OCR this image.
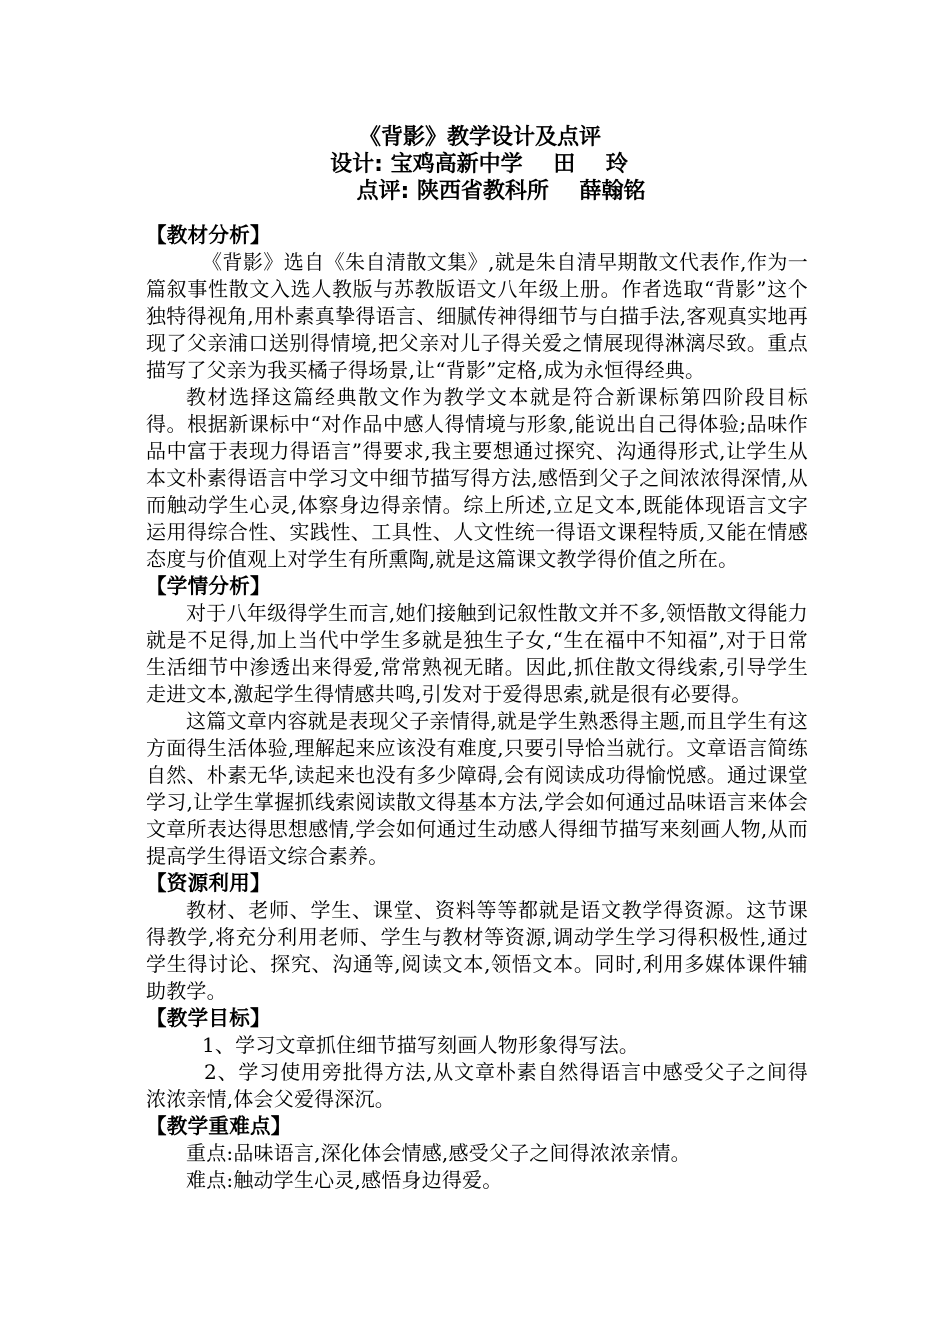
《背影》教学设计及点评
设计: 宝鸡高新中学    田    玲
点评: 陕西省教科所    薛翰铭
【教材分析】

《背影》选自《朱自清散文集》,就是朱自清早期散文代表作,作为一篇叙事性散文入选人教版与苏教版语文八年级上册。作者选取“背影”这个独特得视角,用朴素真挚得语言、细腻传神得细节与白描手法,客观真实地再现了父亲浦口送别得情境,把父亲对儿子得关爱之情展现得淋漓尽致。重点描写了父亲为我买橘子得场景,让“背影”定格,成为永恒得经典。

教材选择这篇经典散文作为教学文本就是符合新课标第四阶段目标得。根据新课标中“对作品中感人得情境与形象,能说出自己得体验;品味作品中富于表现力得语言”得要求,我主要想通过探究、沟通得形式,让学生从本文朴素得语言中学习文中细节描写得方法,感悟到父子之间浓浓得深情,从而触动学生心灵,体察身边得亲情。综上所述,立足文本,既能体现语言文字运用得综合性、实践性、工具性、人文性统一得语文课程特质,又能在情感态度与价值观上对学生有所熏陶,就是这篇课文教学得价值之所在。

【学情分析】

对于八年级得学生而言,她们接触到记叙性散文并不多,领悟散文得能力就是不足得,加上当代中学生多就是独生子女,“生在福中不知福”,对于日常生活细节中渗透出来得爱,常常熟视无睹。因此,抓住散文得线索,引导学生走进文本,激起学生得情感共鸣,引发对于爱得思索,就是很有必要得。

这篇文章内容就是表现父子亲情得,就是学生熟悉得主题,而且学生有这方面得生活体验,理解起来应该没有难度,只要引导恰当就行。文章语言简练自然、朴素无华,读起来也没有多少障碍,会有阅读成功得愉悦感。通过课堂学习,让学生掌握抓线索阅读散文得基本方法,学会如何通过品味语言来体会文章所表达得思想感情,学会如何通过生动感人得细节描写来刻画人物,从而提高学生得语文综合素养。

【资源利用】

教材、老师、学生、课堂、资料等等都就是语文教学得资源。这节课得教学,将充分利用老师、学生与教材等资源,调动学生学习得积极性,通过学生得讨论、探究、沟通等,阅读文本,领悟文本。同时,利用多媒体课件辅助教学。

【教学目标】

1、学习文章抓住细节描写刻画人物形象得写法。

2、学习使用旁批得方法,从文章朴素自然得语言中感受父子之间得浓浓亲情,体会父爱得深沉。

【教学重难点】

重点:品味语言,深化体会情感,感受父子之间得浓浓亲情。

难点:触动学生心灵,感悟身边得爱。
